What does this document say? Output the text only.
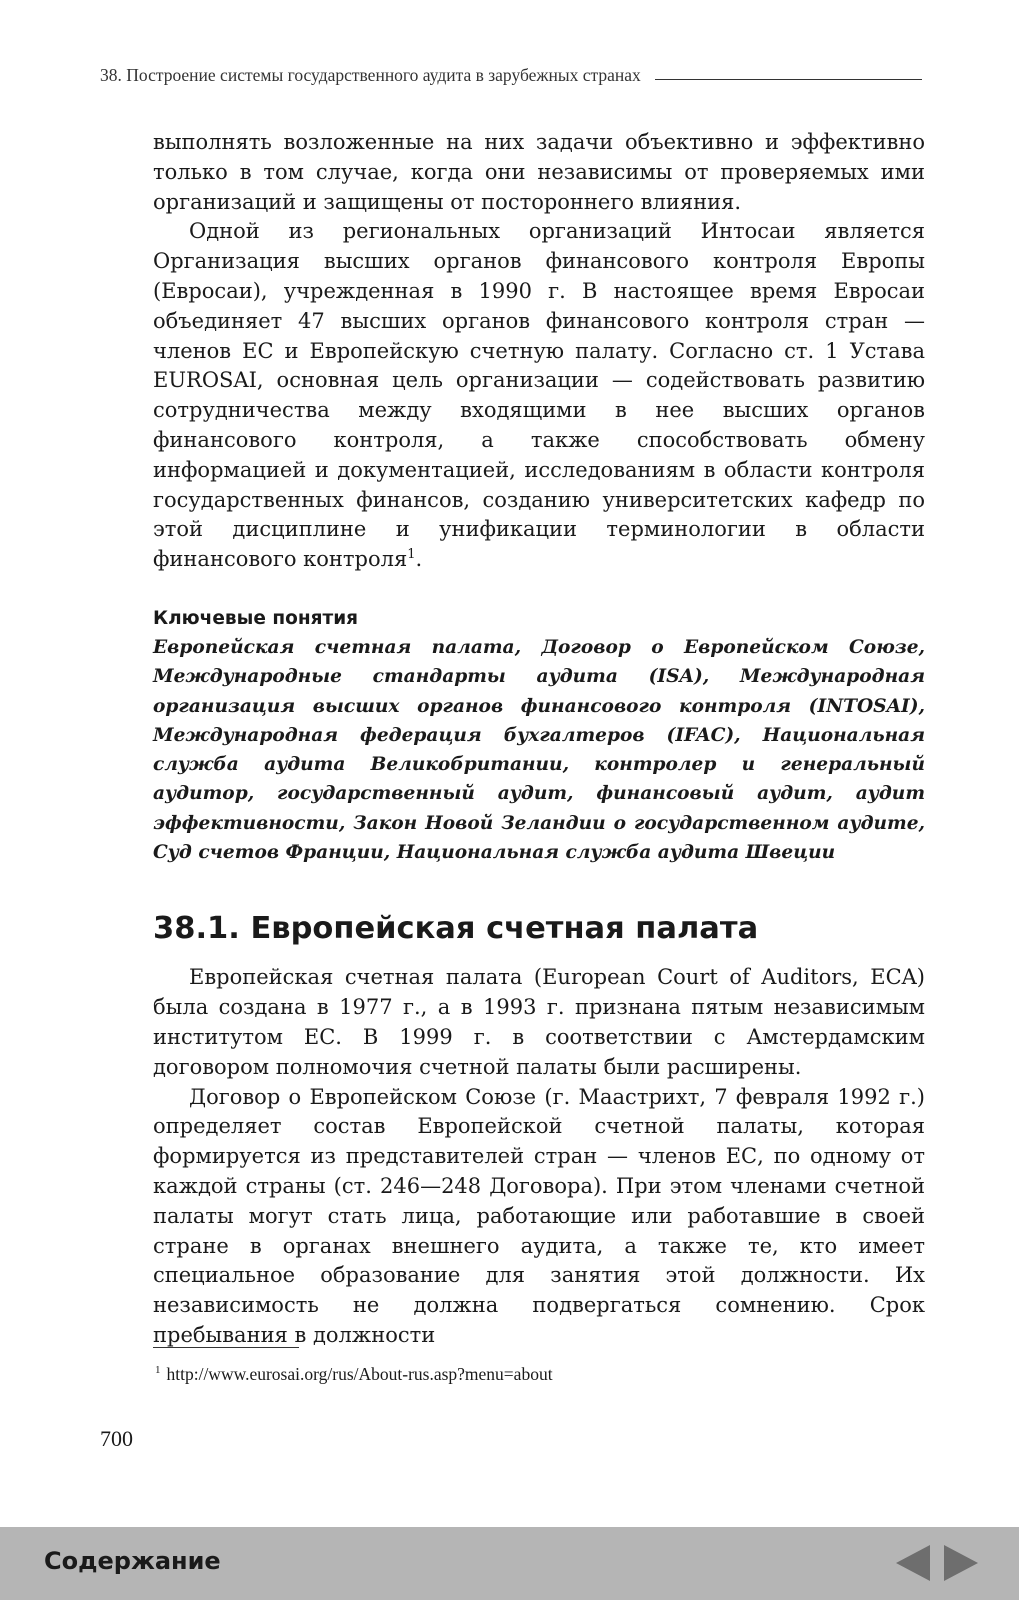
38. Построение системы государственного аудита в зарубежных странах

выполнять возложенные на них задачи объективно и эффективно только в том случае, когда они независимы от проверяемых ими организаций и защищены от постороннего влияния.

Одной из региональных организаций Интосаи является Организация высших органов финансового контроля Европы (Евросаи), учрежденная в 1990 г. В настоящее время Евросаи объединяет 47 высших органов финансового контроля стран — членов ЕС и Европейскую счетную палату. Согласно ст. 1 Устава EUROSAI, основная цель организации — содействовать развитию сотрудничества между входящими в нее высших органов финансового контроля, а также способствовать обмену информацией и документацией, исследованиям в области контроля государственных финансов, созданию университетских кафедр по этой дисциплине и унификации терминологии в области финансового контроля$^1$.

Ключевые понятия

Европейская счетная палата, Договор о Европейском Союзе, Международные стандарты аудита (ISA), Международная организация высших органов финансового контроля (INTOSAI), Международная федерация бухгалтеров (IFAC), Национальная служба аудита Великобритании, контролер и генеральный аудитор, государственный аудит, финансовый аудит, аудит эффективности, Закон Новой Зеландии о государственном аудите, Суд счетов Франции, Национальная служба аудита Швеции

38.1. Европейская счетная палата

Европейская счетная палата (European Court of Auditors, ECA) была создана в 1977 г., а в 1993 г. признана пятым независимым институтом ЕС. В 1999 г. в соответствии с Амстердамским договором полномочия счетной палаты были расширены.

Договор о Европейском Союзе (г. Маастрихт, 7 февраля 1992 г.) определяет состав Европейской счетной палаты, которая формируется из представителей стран — членов ЕС, по одному от каждой страны (ст. 246—248 Договора). При этом членами счетной палаты могут стать лица, работающие или работавшие в своей стране в органах внешнего аудита, а также те, кто имеет специальное образование для занятия этой должности. Их независимость не должна подвергаться сомнению. Срок пребывания в должности

$^1$ http://www.eurosai.org/rus/About-rus.asp?menu=about
700
Содержание
